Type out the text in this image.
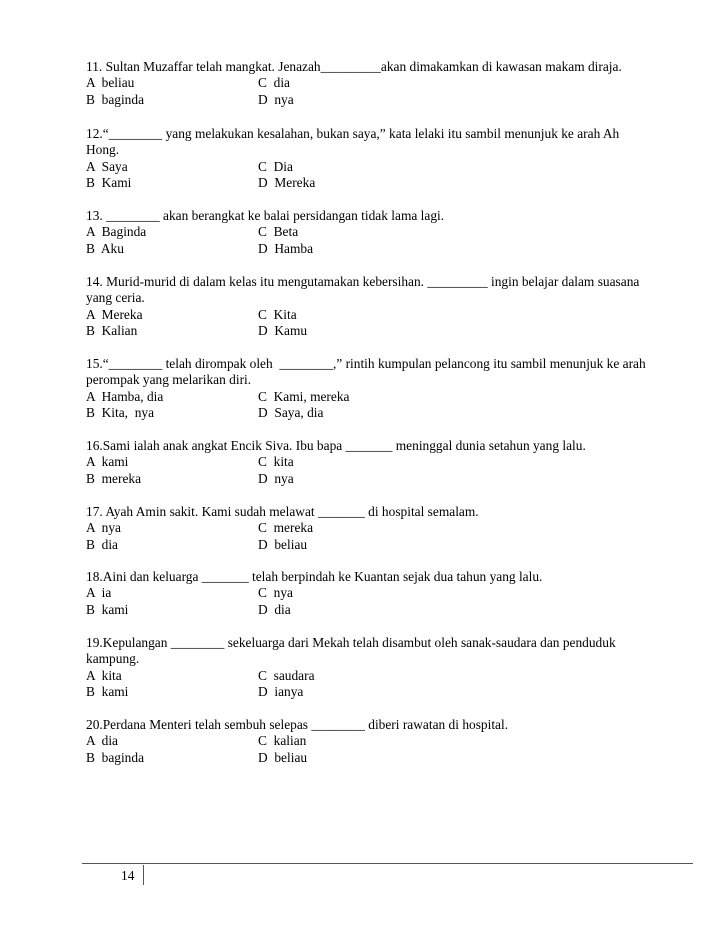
11. Sultan Muzaffar telah mangkat. Jenazah_________akan dimakamkan di kawasan makam diraja.
A  beliau	C  dia
B  baginda	D  nya
12.“________ yang melakukan kesalahan, bukan saya,” kata lelaki itu sambil menunjuk ke arah Ah
Hong.
A  Saya	C  Dia
B  Kami	D  Mereka
13. ________ akan berangkat ke balai persidangan tidak lama lagi.
A  Baginda	C  Beta
B  Aku	D  Hamba
14. Murid-murid di dalam kelas itu mengutamakan kebersihan. _________ ingin belajar dalam suasana
yang ceria.
A  Mereka	C  Kita
B  Kalian	D  Kamu
15.“________ telah dirompak oleh  ________,” rintih kumpulan pelancong itu sambil menunjuk ke arah
perompak yang melarikan diri.
A  Hamba, dia	C  Kami, mereka
B  Kita,  nya	D  Saya, dia
16.Sami ialah anak angkat Encik Siva. Ibu bapa _______ meninggal dunia setahun yang lalu.
A  kami	C  kita
B  mereka	D  nya
17. Ayah Amin sakit. Kami sudah melawat _______ di hospital semalam.
A  nya	C  mereka
B  dia	D  beliau
18.Aini dan keluarga _______ telah berpindah ke Kuantan sejak dua tahun yang lalu.
A  ia	C  nya
B  kami	D  dia
19.Kepulangan ________ sekeluarga dari Mekah telah disambut oleh sanak-saudara dan penduduk
kampung.
A  kita	C  saudara
B  kami	D  ianya
20.Perdana Menteri telah sembuh selepas ________ diberi rawatan di hospital.
A  dia	C  kalian
B  baginda	D  beliau
14
